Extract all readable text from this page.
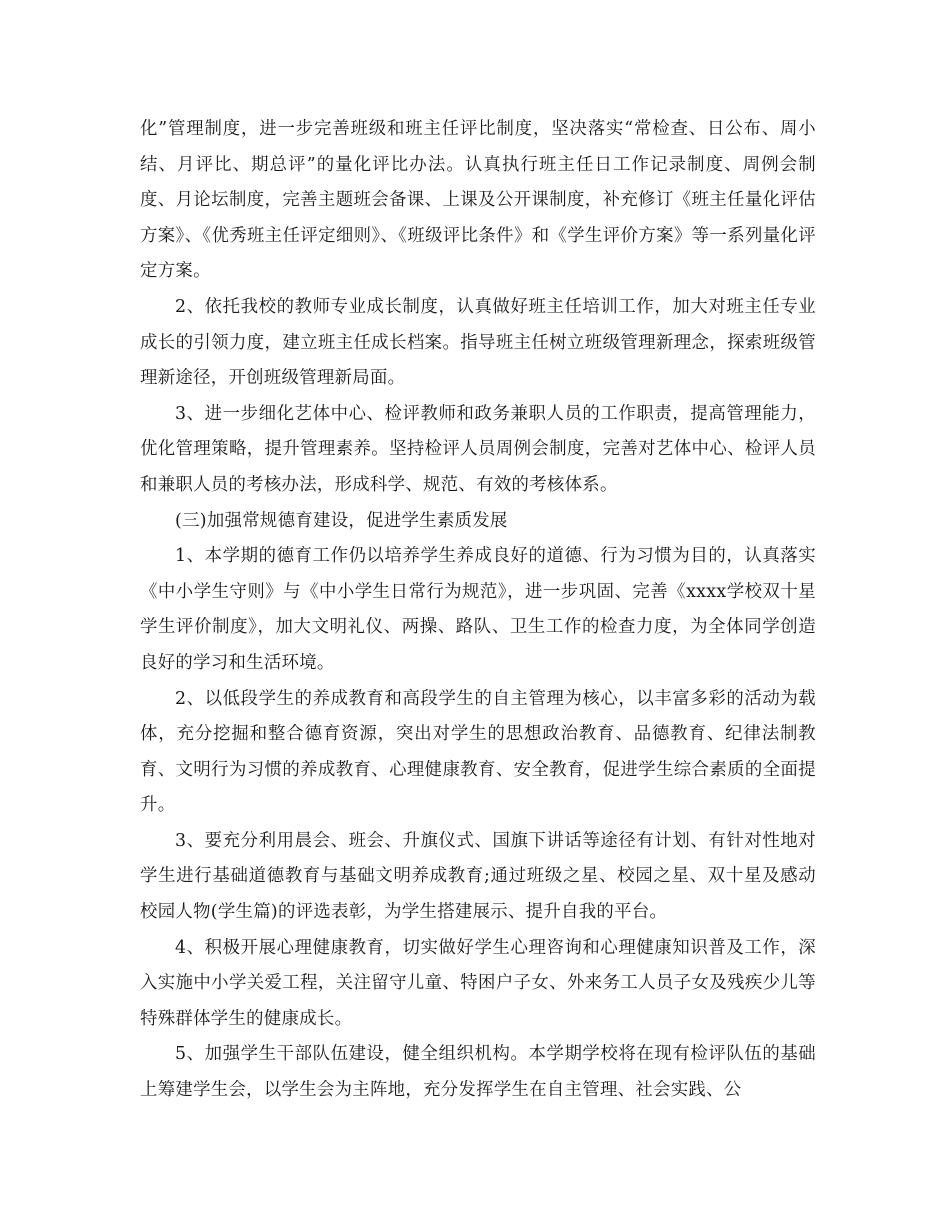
化”管理制度，进一步完善班级和班主任评比制度，坚决落实“常检查、日公布、周小结、月评比、期总评”的量化评比办法。认真执行班主任日工作记录制度、周例会制度、月论坛制度，完善主题班会备课、上课及公开课制度，补充修订《班主任量化评估方案》、《优秀班主任评定细则》、《班级评比条件》和《学生评价方案》等一系列量化评定方案。

2、依托我校的教师专业成长制度，认真做好班主任培训工作，加大对班主任专业成长的引领力度，建立班主任成长档案。指导班主任树立班级管理新理念，探索班级管理新途径，开创班级管理新局面。

3、进一步细化艺体中心、检评教师和政务兼职人员的工作职责，提高管理能力，优化管理策略，提升管理素养。坚持检评人员周例会制度，完善对艺体中心、检评人员和兼职人员的考核办法，形成科学、规范、有效的考核体系。

(三)加强常规德育建设，促进学生素质发展

1、本学期的德育工作仍以培养学生养成良好的道德、行为习惯为目的，认真落实《中小学生守则》与《中小学生日常行为规范》，进一步巩固、完善《xxxx学校双十星学生评价制度》，加大文明礼仪、两操、路队、卫生工作的检查力度，为全体同学创造良好的学习和生活环境。

2、以低段学生的养成教育和高段学生的自主管理为核心，以丰富多彩的活动为载体，充分挖掘和整合德育资源，突出对学生的思想政治教育、品德教育、纪律法制教育、文明行为习惯的养成教育、心理健康教育、安全教育，促进学生综合素质的全面提升。

3、要充分利用晨会、班会、升旗仪式、国旗下讲话等途径有计划、有针对性地对学生进行基础道德教育与基础文明养成教育;通过班级之星、校园之星、双十星及感动校园人物(学生篇)的评选表彰，为学生搭建展示、提升自我的平台。

4、积极开展心理健康教育，切实做好学生心理咨询和心理健康知识普及工作，深入实施中小学关爱工程，关注留守儿童、特困户子女、外来务工人员子女及残疾少儿等特殊群体学生的健康成长。

5、加强学生干部队伍建设，健全组织机构。本学期学校将在现有检评队伍的基础上筹建学生会，以学生会为主阵地，充分发挥学生在自主管理、社会实践、公
